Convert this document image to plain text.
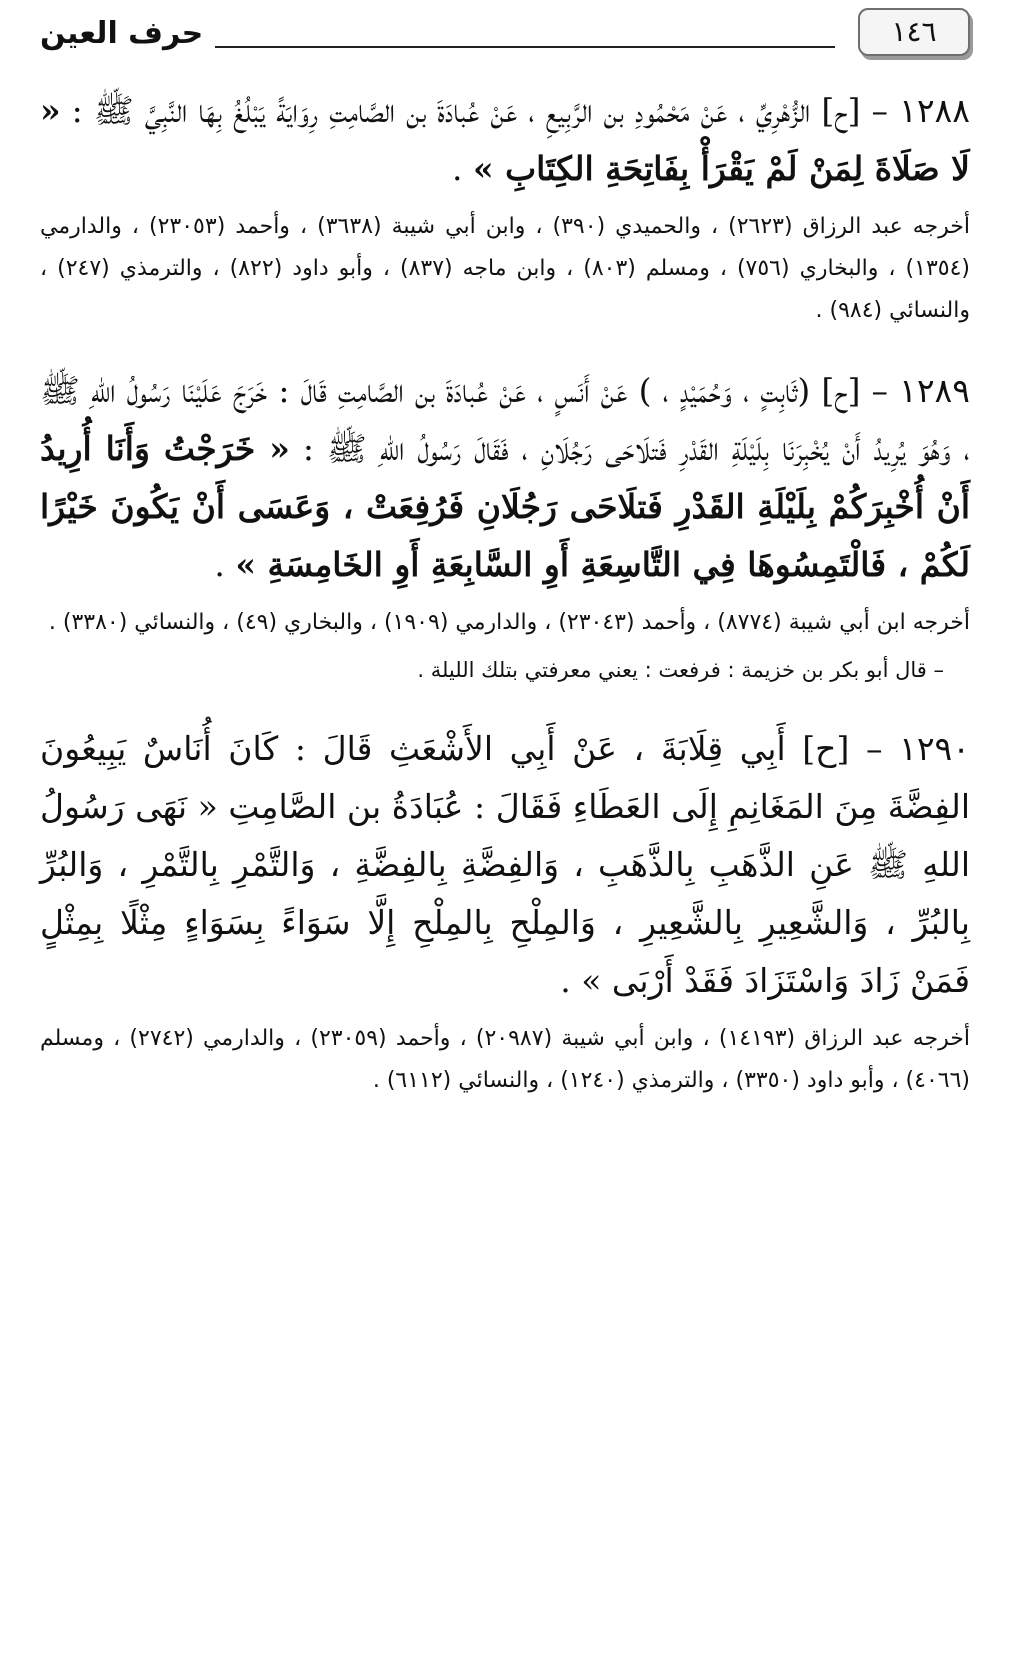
١٤٦
حرف العين

١٢٨٨ – [ح] الزُّهْرِيِّ ، عَنْ مَحْمُودِ بن الرَّبِيعِ ، عَنْ عُبادَةَ بن الصَّامِتِ رِوَايَةً يَبْلُغُ بِهَا النَّبِيَّ ﷺ : « لَا صَلَاةَ لِمَنْ لَمْ يَقْرَأْ بِفَاتِحَةِ الكِتَابِ » .

أخرجه عبد الرزاق (٢٦٢٣) ، والحميدي (٣٩٠) ، وابن أبي شيبة (٣٦٣٨) ، وأحمد (٢٣٠٥٣) ، والدارمي (١٣٥٤) ، والبخاري (٧٥٦) ، ومسلم (٨٠٣) ، وابن ماجه (٨٣٧) ، وأبو داود (٨٢٢) ، والترمذي (٢٤٧) ، والنسائي (٩٨٤) .

١٢٨٩ – [ح] (ثَابِتٍ ، وَحُمَيْدٍ ، ) عَنْ أَنَسٍ ، عَنْ عُبادَةَ بن الصَّامِتِ قَالَ : خَرَجَ عَلَيْنَا رَسُولُ اللهِ ﷺ ، وَهُوَ يُرِيدُ أَنْ يُخْبِرَنَا بِلَيْلَةِ القَدْرِ فَتلَاحَى رَجُلَانِ ، فَقَالَ رَسُولُ اللهِ ﷺ : « خَرَجْتُ وَأَنَا أُرِيدُ أَنْ أُخْبِرَكُمْ بِلَيْلَةِ القَدْرِ فَتلَاحَى رَجُلَانِ فَرُفِعَتْ ، وَعَسَى أَنْ يَكُونَ خَيْرًا لَكُمْ ، فَالْتَمِسُوهَا فِي التَّاسِعَةِ أَوِ السَّابِعَةِ أَوِ الخَامِسَةِ » .

أخرجه ابن أبي شيبة (٨٧٧٤) ، وأحمد (٢٣٠٤٣) ، والدارمي (١٩٠٩) ، والبخاري (٤٩) ، والنسائي (٣٣٨٠) .

– قال أبو بكر بن خزيمة : فرفعت : يعني معرفتي بتلك الليلة .

١٢٩٠ – [ح] أَبِي قِلَابَةَ ، عَنْ أَبِي الأَشْعَثِ قَالَ : كَانَ أُنَاسٌ يَبِيعُونَ الفِضَّةَ مِنَ المَغَانِمِ إِلَى العَطَاءِ فَقَالَ : عُبَادَةُ بن الصَّامِتِ « نَهَى رَسُولُ اللهِ ﷺ عَنِ الذَّهَبِ بِالذَّهَبِ ، وَالفِضَّةِ بِالفِضَّةِ ، وَالتَّمْرِ بِالتَّمْرِ ، وَالبُرِّ بِالبُرِّ ، وَالشَّعِيرِ بِالشَّعِيرِ ، وَالمِلْحِ بِالمِلْحِ إِلَّا سَوَاءً بِسَوَاءٍ مِثْلًا بِمِثْلٍ فَمَنْ زَادَ وَاسْتَزَادَ فَقَدْ أَرْبَى » .

أخرجه عبد الرزاق (١٤١٩٣) ، وابن أبي شيبة (٢٠٩٨٧) ، وأحمد (٢٣٠٥٩) ، والدارمي (٢٧٤٢) ، ومسلم (٤٠٦٦) ، وأبو داود (٣٣٥٠) ، والترمذي (١٢٤٠) ، والنسائي (٦١١٢) .
